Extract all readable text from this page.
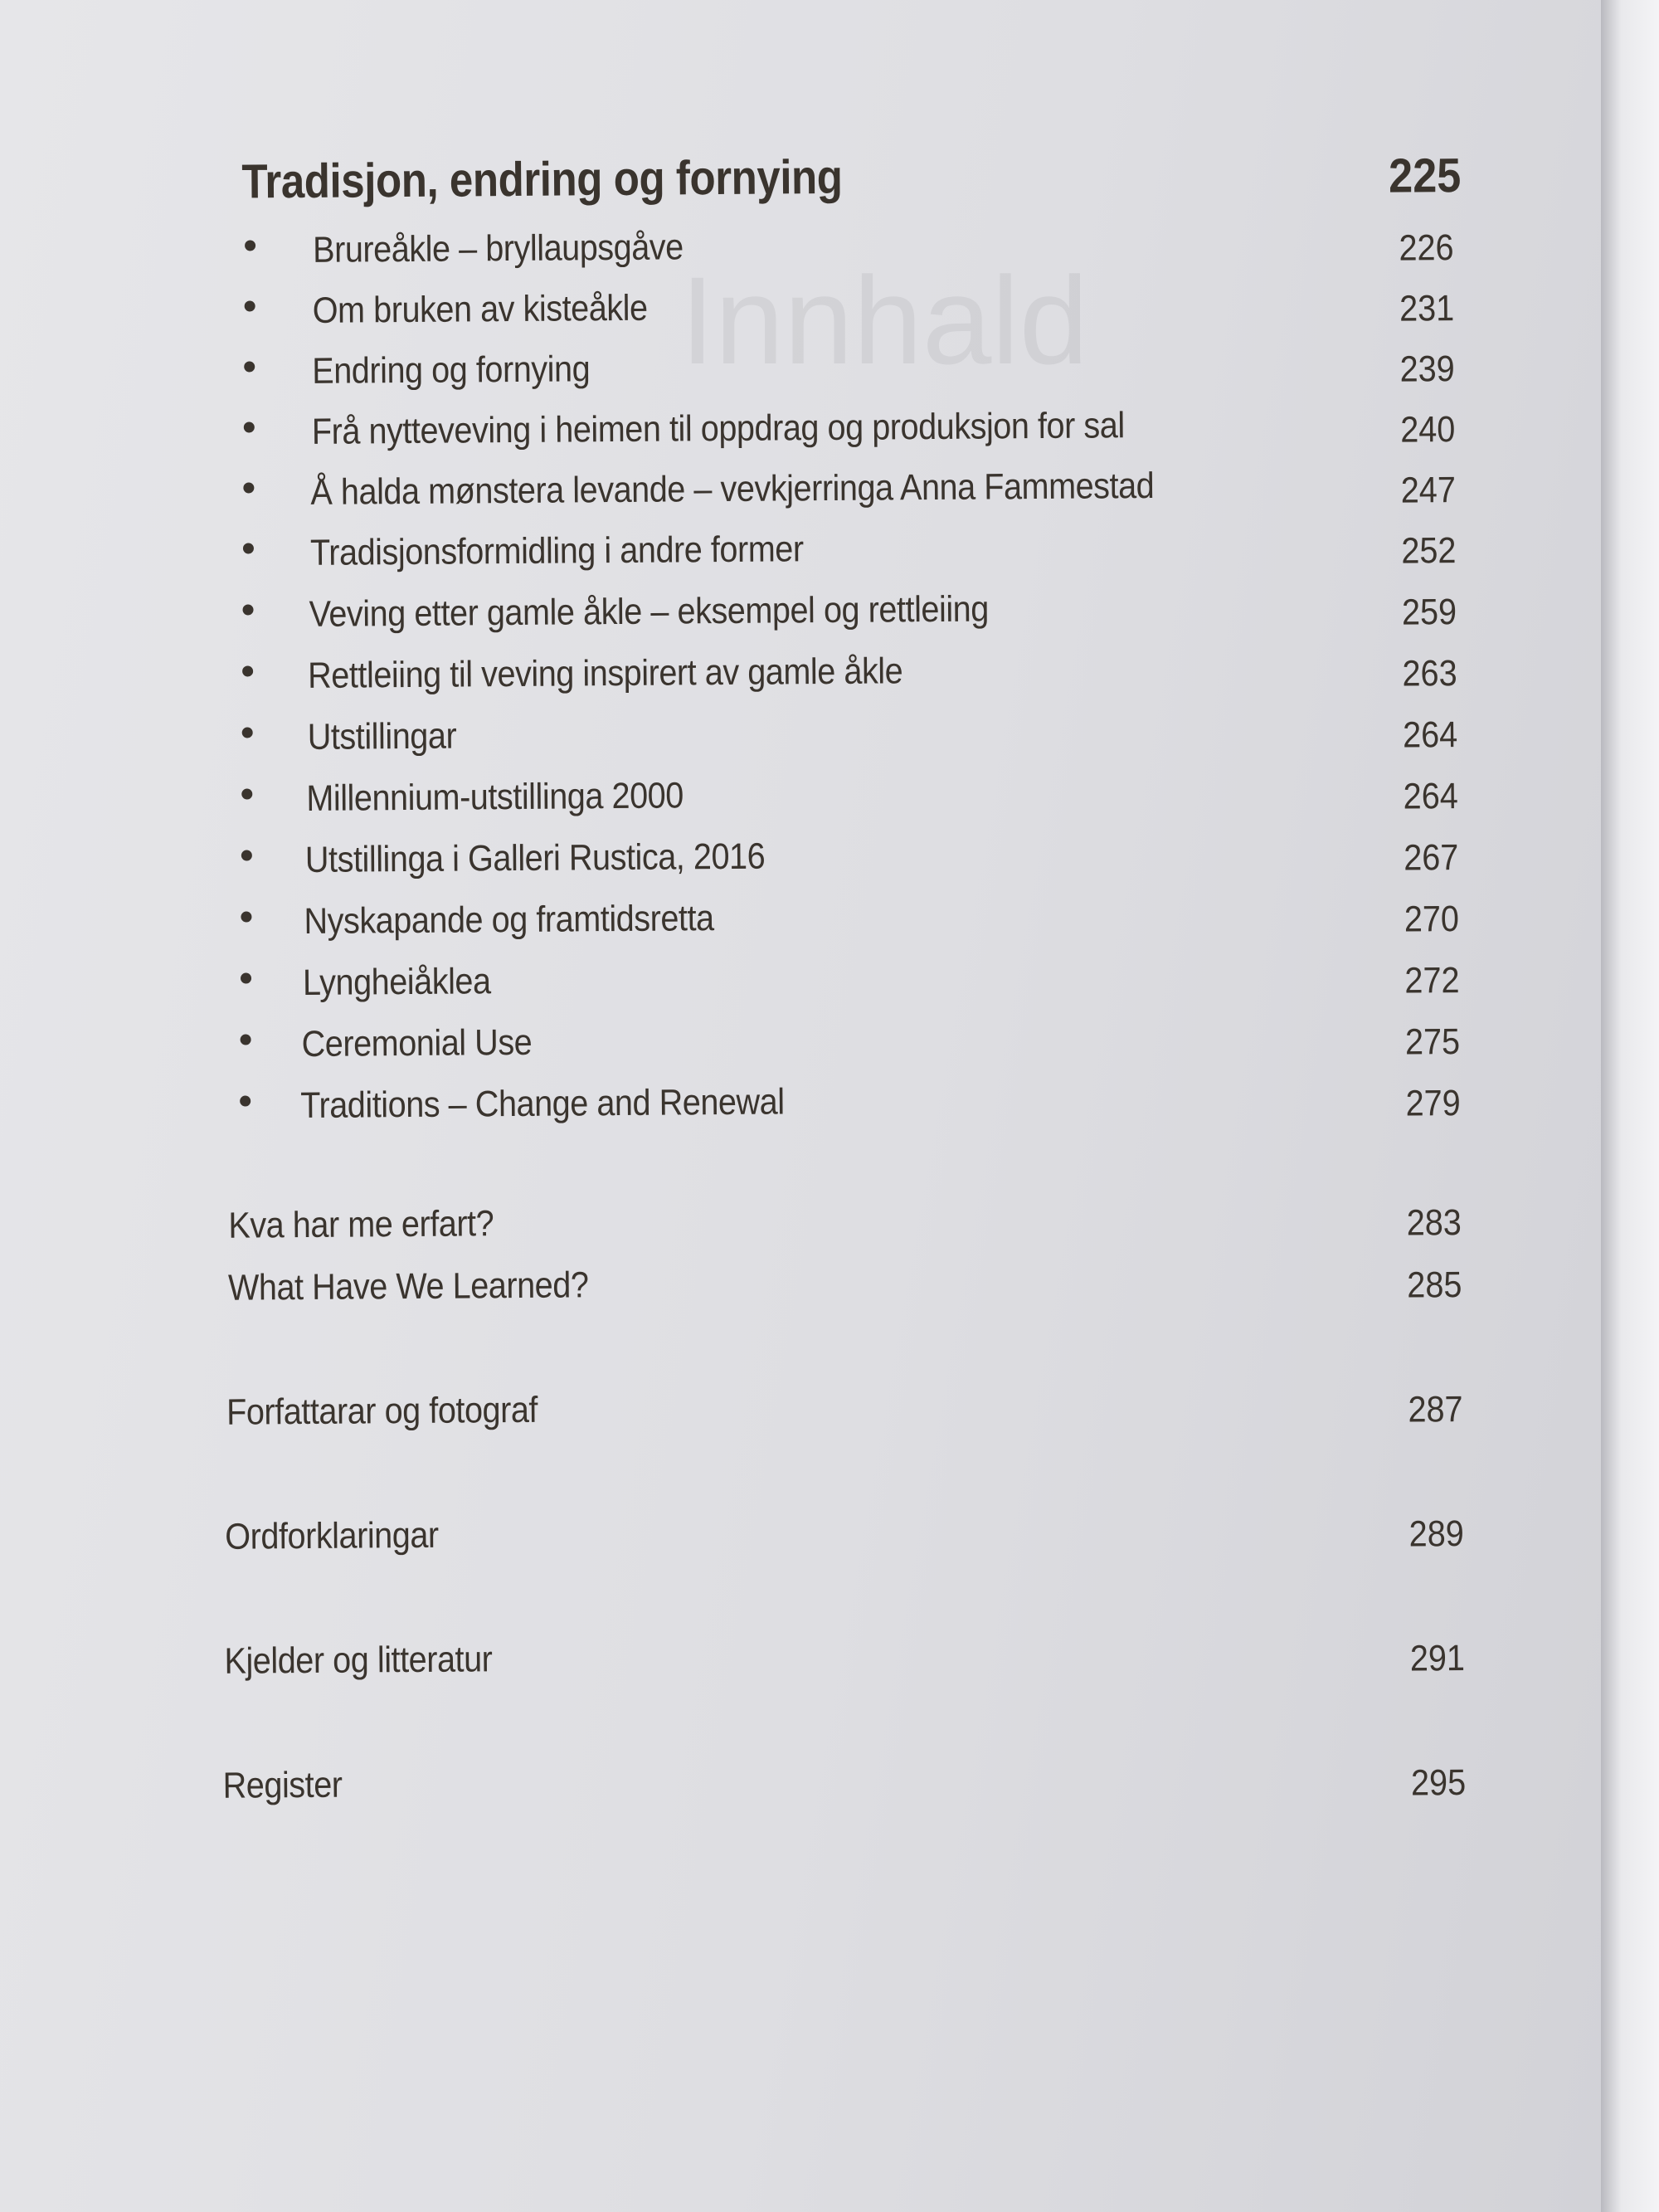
Innhald
Tradisjon, endring og fornying	225
Brureåkle – bryllaupsgåve	226
Om bruken av kisteåkle	231
Endring og fornying	239
Frå nytteveving i heimen til oppdrag og produksjon for sal	240
Å halda mønstera levande – vevkjerringa Anna Fammestad	247
Tradisjonsformidling i andre former	252
Veving etter gamle åkle – eksempel og rettleiing	259
Rettleiing til veving inspirert av gamle åkle	263
Utstillingar	264
Millennium-utstillinga 2000	264
Utstillinga i Galleri Rustica, 2016	267
Nyskapande og framtidsretta	270
Lyngheiåklea	272
Ceremonial Use	275
Traditions – Change and Renewal	279
Kva har me erfart?	283
What Have We Learned?	285
Forfattarar og fotograf	287
Ordforklaringar	289
Kjelder og litteratur	291
Register	295
